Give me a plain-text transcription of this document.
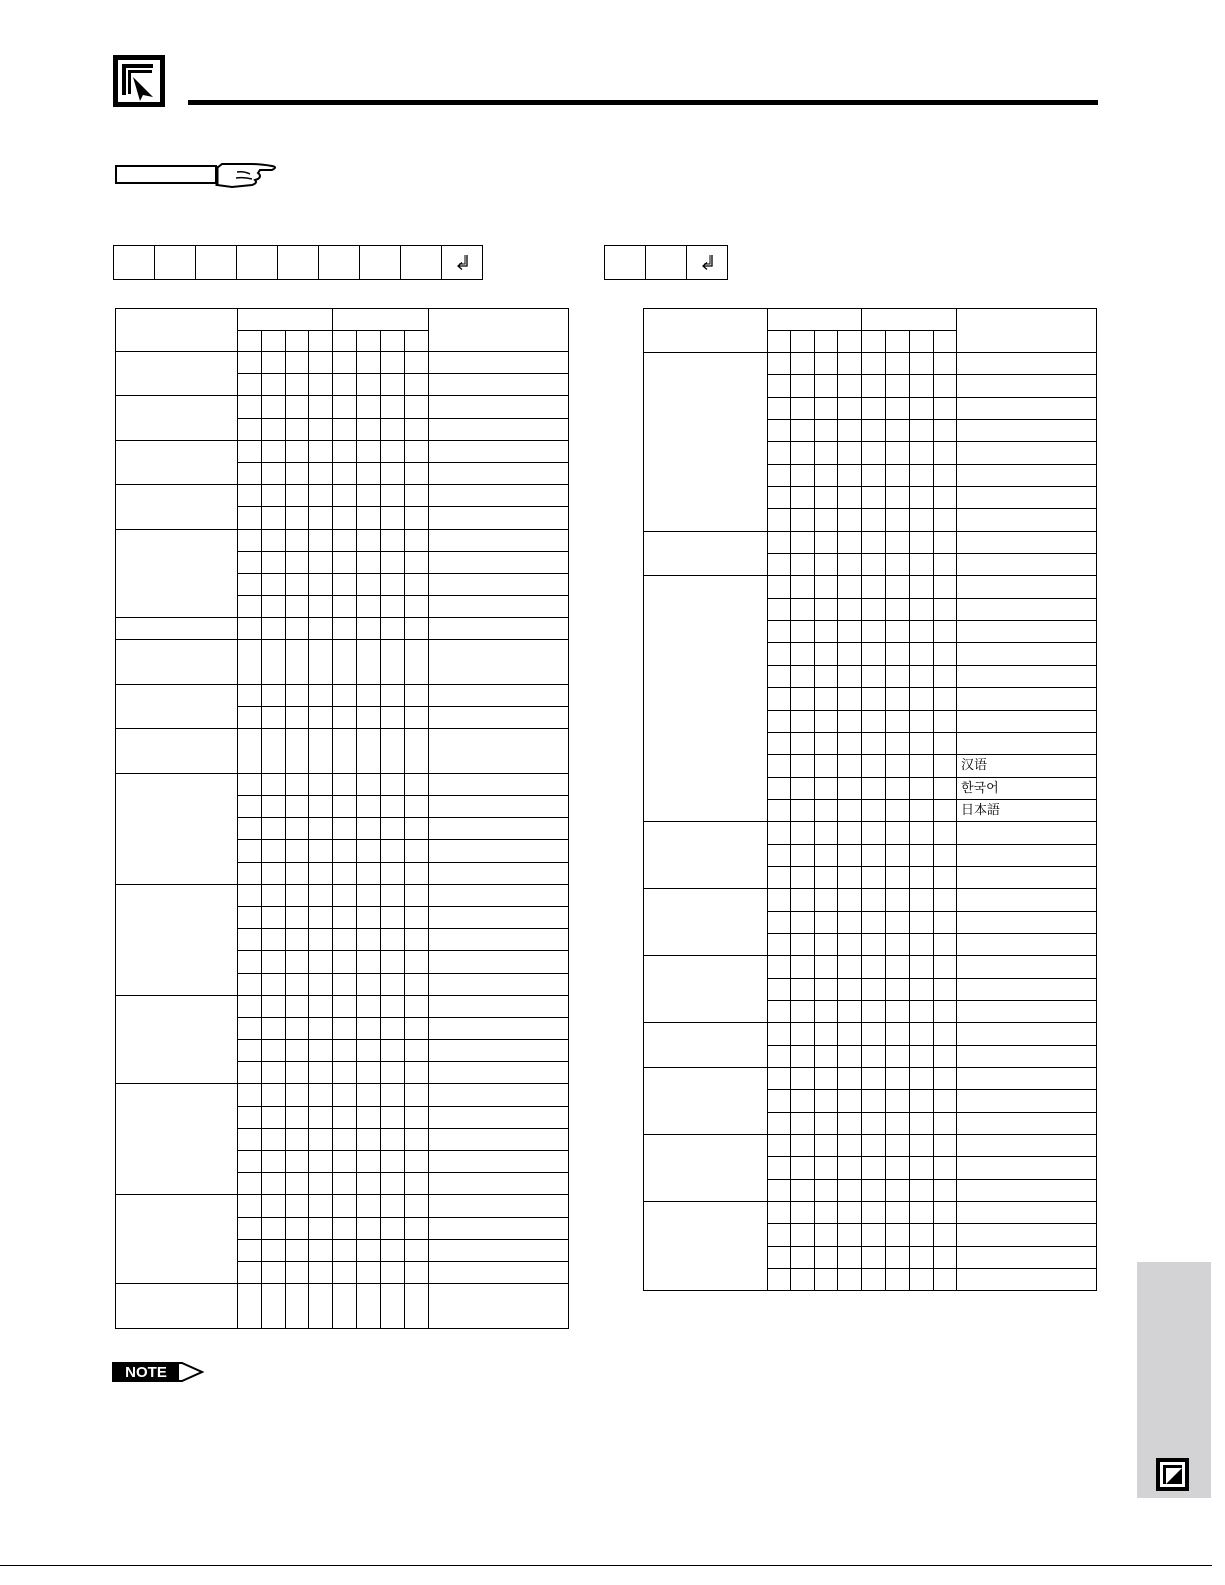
									汉语
									한국어
									日本語

NOTE
